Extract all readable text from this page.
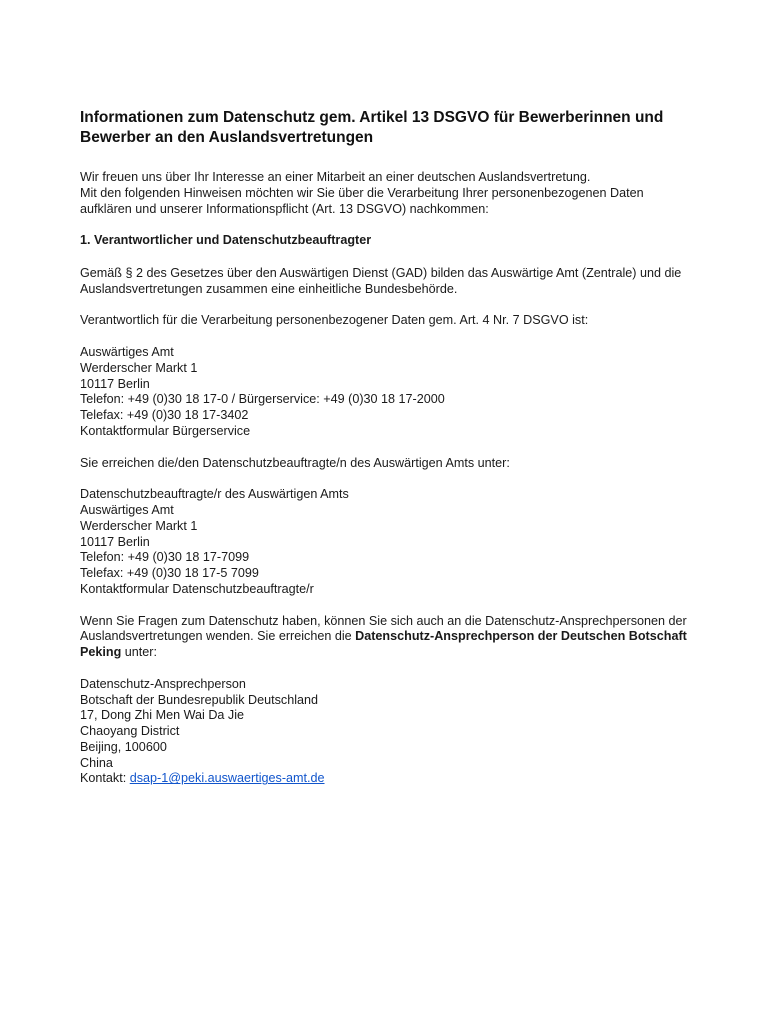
Informationen zum Datenschutz gem. Artikel 13 DSGVO für Bewerberinnen und
Bewerber an den Auslandsvertretungen
Wir freuen uns über Ihr Interesse an einer Mitarbeit an einer deutschen Auslandsvertretung.
Mit den folgenden Hinweisen möchten wir Sie über die Verarbeitung Ihrer personenbezogenen Daten
aufklären und unserer Informationspflicht (Art. 13 DSGVO) nachkommen:
1. Verantwortlicher und Datenschutzbeauftragter
Gemäß § 2 des Gesetzes über den Auswärtigen Dienst (GAD) bilden das Auswärtige Amt (Zentrale) und die
Auslandsvertretungen zusammen eine einheitliche Bundesbehörde.
Verantwortlich für die Verarbeitung personenbezogener Daten gem. Art. 4 Nr. 7 DSGVO ist:
Auswärtiges Amt
Werderscher Markt 1
10117 Berlin
Telefon: +49 (0)30 18 17-0 / Bürgerservice: +49 (0)30 18 17-2000
Telefax: +49 (0)30 18 17-3402
Kontaktformular Bürgerservice
Sie erreichen die/den Datenschutzbeauftragte/n des Auswärtigen Amts unter:
Datenschutzbeauftragte/r des Auswärtigen Amts
Auswärtiges Amt
Werderscher Markt 1
10117 Berlin
Telefon: +49 (0)30 18 17-7099
Telefax: +49 (0)30 18 17-5 7099
Kontaktformular Datenschutzbeauftragte/r
Wenn Sie Fragen zum Datenschutz haben, können Sie sich auch an die Datenschutz-Ansprechpersonen der
Auslandsvertretungen wenden. Sie erreichen die Datenschutz-Ansprechperson der Deutschen Botschaft
Peking unter:
Datenschutz-Ansprechperson
Botschaft der Bundesrepublik Deutschland
17, Dong Zhi Men Wai Da Jie
Chaoyang District
Beijing, 100600
China
Kontakt: dsap-1@peki.auswaertiges-amt.de
